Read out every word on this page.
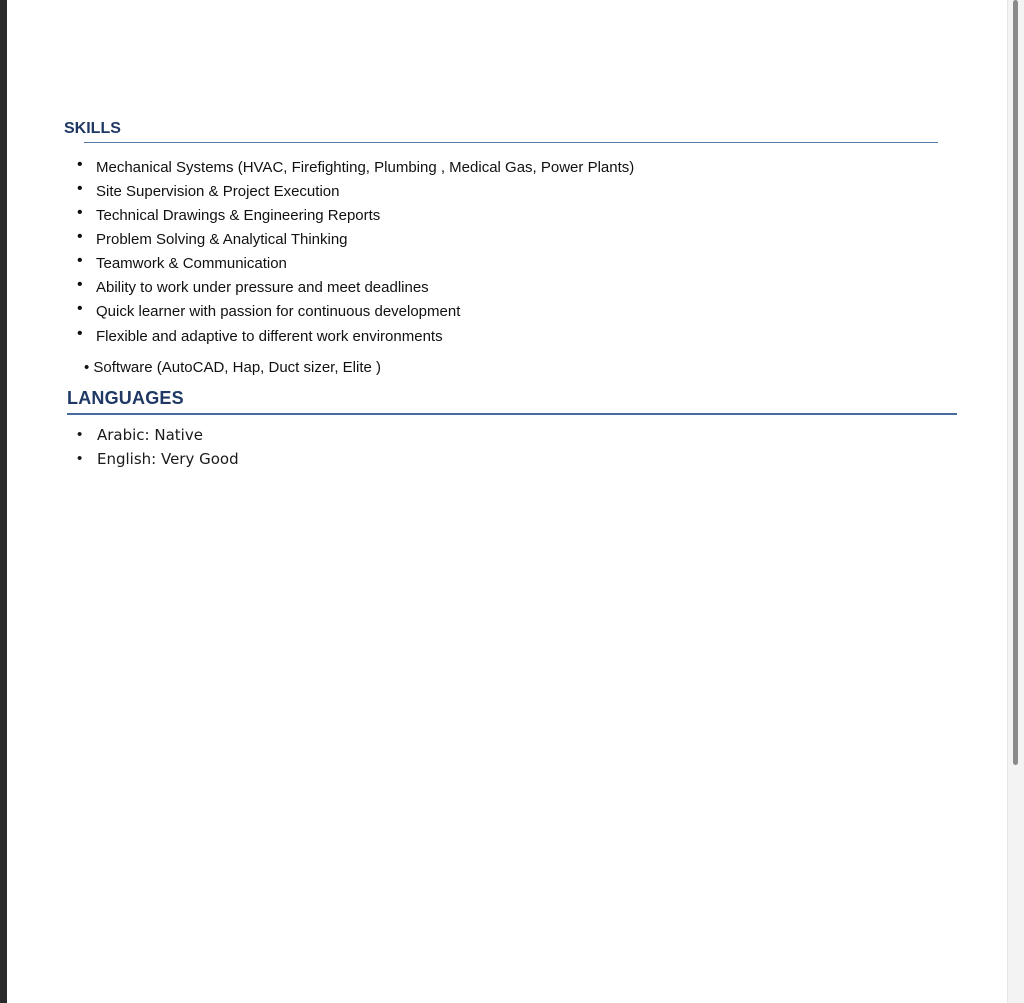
SKILLS
• Mechanical Systems (HVAC, Firefighting, Plumbing , Medical Gas, Power Plants)
• Site Supervision & Project Execution
• Technical Drawings & Engineering Reports
• Problem Solving & Analytical Thinking
• Teamwork & Communication
• Ability to work under pressure and meet deadlines
• Quick learner with passion for continuous development
• Flexible and adaptive to different work environments
• Software (AutoCAD, Hap, Duct sizer, Elite )
LANGUAGES
• Arabic: Native
• English: Very Good
